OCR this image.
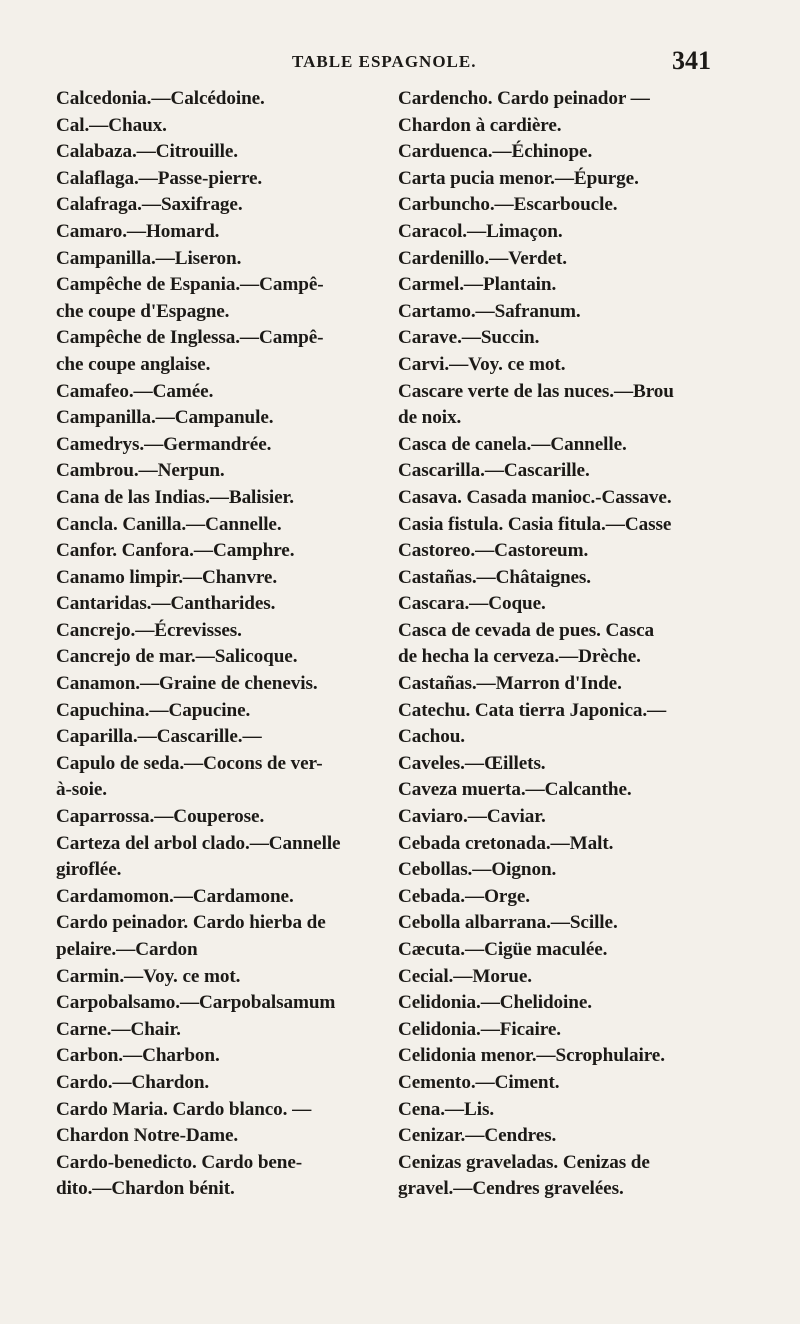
TABLE ESPAGNOLE.	341
Calcedonia.—Calcédoine.
Cal.—Chaux.
Calabaza.—Citrouille.
Calaflaga.—Passe-pierre.
Calafraga.—Saxifrage.
Camaro.—Homard.
Campanilla.—Liseron.
Campêche de Espania.—Campê-
che coupe d'Espagne.
Campêche de Inglessa.—Campê-
che coupe anglaise.
Camafeo.—Camée.
Campanilla.—Campanule.
Camedrys.—Germandrée.
Cambrou.—Nerpun.
Cana de las Indias.—Balisier.
Cancla. Canilla.—Cannelle.
Canfor. Canfora.—Camphre.
Canamo limpir.—Chanvre.
Cantaridas.—Cantharides.
Cancrejo.—Écrevisses.
Cancrejo de mar.—Salicoque.
Canamon.—Graine de chenevis.
Capuchina.—Capucine.
Caparilla.—Cascarille.—
Capulo de seda.—Cocons de ver-
à-soie.
Caparrossa.—Couperose.
Carteza del arbol clado.—Cannelle
giroflée.
Cardamomon.—Cardamone.
Cardo peinador. Cardo hierba de
pelaire.—Cardon
Carmin.—Voy. ce mot.
Carpobalsamo.—Carpobalsamum
Carne.—Chair.
Carbon.—Charbon.
Cardo.—Chardon.
Cardo Maria. Cardo blanco. —
Chardon Notre-Dame.
Cardo-benedicto. Cardo bene-
dito.—Chardon bénit.
Cardencho. Cardo peinador —
Chardon à cardière.
Carduenca.—Échinope.
Carta pucia menor.—Épurge.
Carbuncho.—Escarboucle.
Caracol.—Limaçon.
Cardenillo.—Verdet.
Carmel.—Plantain.
Cartamo.—Safranum.
Carave.—Succin.
Carvi.—Voy. ce mot.
Cascare verte de las nuces.—Brou
de noix.
Casca de canela.—Cannelle.
Cascarilla.—Cascarille.
Casava. Casada manioc.-Cassave.
Casia fistula. Casia fitula.—Casse
Castoreo.—Castoreum.
Castañas.—Châtaignes.
Cascara.—Coque.
Casca de cevada de pues. Casca
de hecha la cerveza.—Drèche.
Castañas.—Marron d'Inde.
Catechu. Cata tierra Japonica.—
Cachou.
Caveles.—Œillets.
Caveza muerta.—Calcanthe.
Caviaro.—Caviar.
Cebada cretonada.—Malt.
Cebollas.—Oignon.
Cebada.—Orge.
Cebolla albarrana.—Scille.
Cæcuta.—Cigüe maculée.
Cecial.—Morue.
Celidonia.—Chelidoine.
Celidonia.—Ficaire.
Celidonia menor.—Scrophulaire.
Cemento.—Ciment.
Cena.—Lis.
Cenizar.—Cendres.
Cenizas graveladas. Cenizas de
gravel.—Cendres gravelées.
